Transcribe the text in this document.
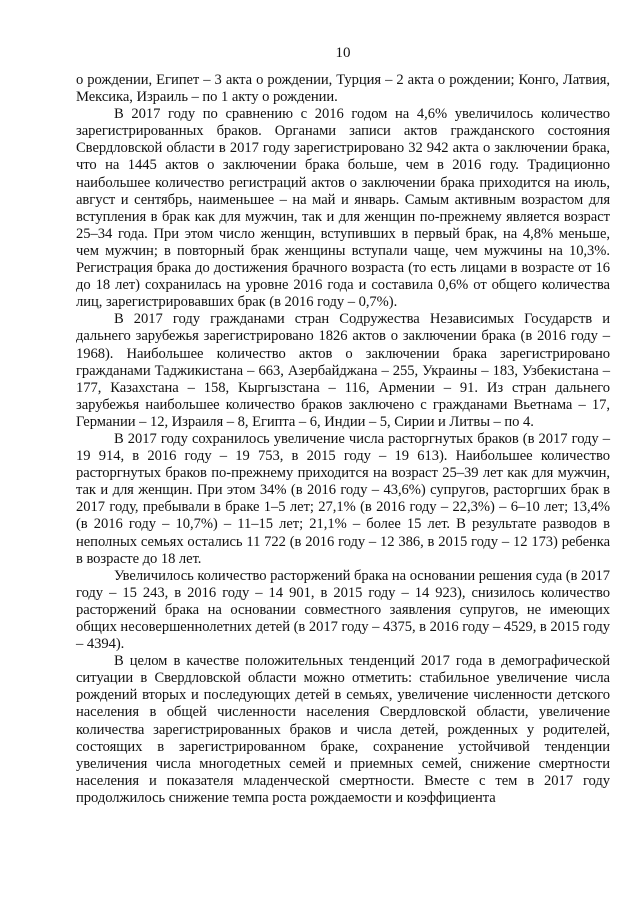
10

о рождении, Египет – 3 акта о рождении, Турция – 2 акта о рождении; Конго, Латвия, Мексика, Израиль – по 1 акту о рождении.

В 2017 году по сравнению с 2016 годом на 4,6% увеличилось количество зарегистрированных браков. Органами записи актов гражданского состояния Свердловской области в 2017 году зарегистрировано 32 942 акта о заключении брака, что на 1445 актов о заключении брака больше, чем в 2016 году. Традиционно наибольшее количество регистраций актов о заключении брака приходится на июль, август и сентябрь, наименьшее – на май и январь. Самым активным возрастом для вступления в брак как для мужчин, так и для женщин по-прежнему является возраст 25–34 года. При этом число женщин, вступивших в первый брак, на 4,8% меньше, чем мужчин; в повторный брак женщины вступали чаще, чем мужчины на 10,3%. Регистрация брака до достижения брачного возраста (то есть лицами в возрасте от 16 до 18 лет) сохранилась на уровне 2016 года и составила 0,6% от общего количества лиц, зарегистрировавших брак (в 2016 году – 0,7%).

В 2017 году гражданами стран Содружества Независимых Государств и дальнего зарубежья зарегистрировано 1826 актов о заключении брака (в 2016 году – 1968). Наибольшее количество актов о заключении брака зарегистрировано гражданами Таджикистана – 663, Азербайджана – 255, Украины – 183, Узбекистана – 177, Казахстана – 158, Кыргызстана – 116, Армении – 91. Из стран дальнего зарубежья наибольшее количество браков заключено с гражданами Вьетнама – 17, Германии – 12, Израиля – 8, Египта – 6, Индии – 5, Сирии и Литвы – по 4.

В 2017 году сохранилось увеличение числа расторгнутых браков (в 2017 году – 19 914, в 2016 году – 19 753, в 2015 году – 19 613). Наибольшее количество расторгнутых браков по-прежнему приходится на возраст 25–39 лет как для мужчин, так и для женщин. При этом 34% (в 2016 году – 43,6%) супругов, расторгших брак в 2017 году, пребывали в браке 1–5 лет; 27,1% (в 2016 году – 22,3%) – 6–10 лет; 13,4% (в 2016 году – 10,7%) – 11–15 лет; 21,1% – более 15 лет. В результате разводов в неполных семьях остались 11 722 (в 2016 году – 12 386, в 2015 году – 12 173) ребенка в возрасте до 18 лет.

Увеличилось количество расторжений брака на основании решения суда (в 2017 году – 15 243, в 2016 году – 14 901, в 2015 году – 14 923), снизилось количество расторжений брака на основании совместного заявления супругов, не имеющих общих несовершеннолетних детей (в 2017 году – 4375, в 2016 году – 4529, в 2015 году – 4394).

В целом в качестве положительных тенденций 2017 года в демографической ситуации в Свердловской области можно отметить: стабильное увеличение числа рождений вторых и последующих детей в семьях, увеличение численности детского населения в общей численности населения Свердловской области, увеличение количества зарегистрированных браков и числа детей, рожденных у родителей, состоящих в зарегистрированном браке, сохранение устойчивой тенденции увеличения числа многодетных семей и приемных семей, снижение смертности населения и показателя младенческой смертности. Вместе с тем в 2017 году продолжилось снижение темпа роста рождаемости и коэффициента
